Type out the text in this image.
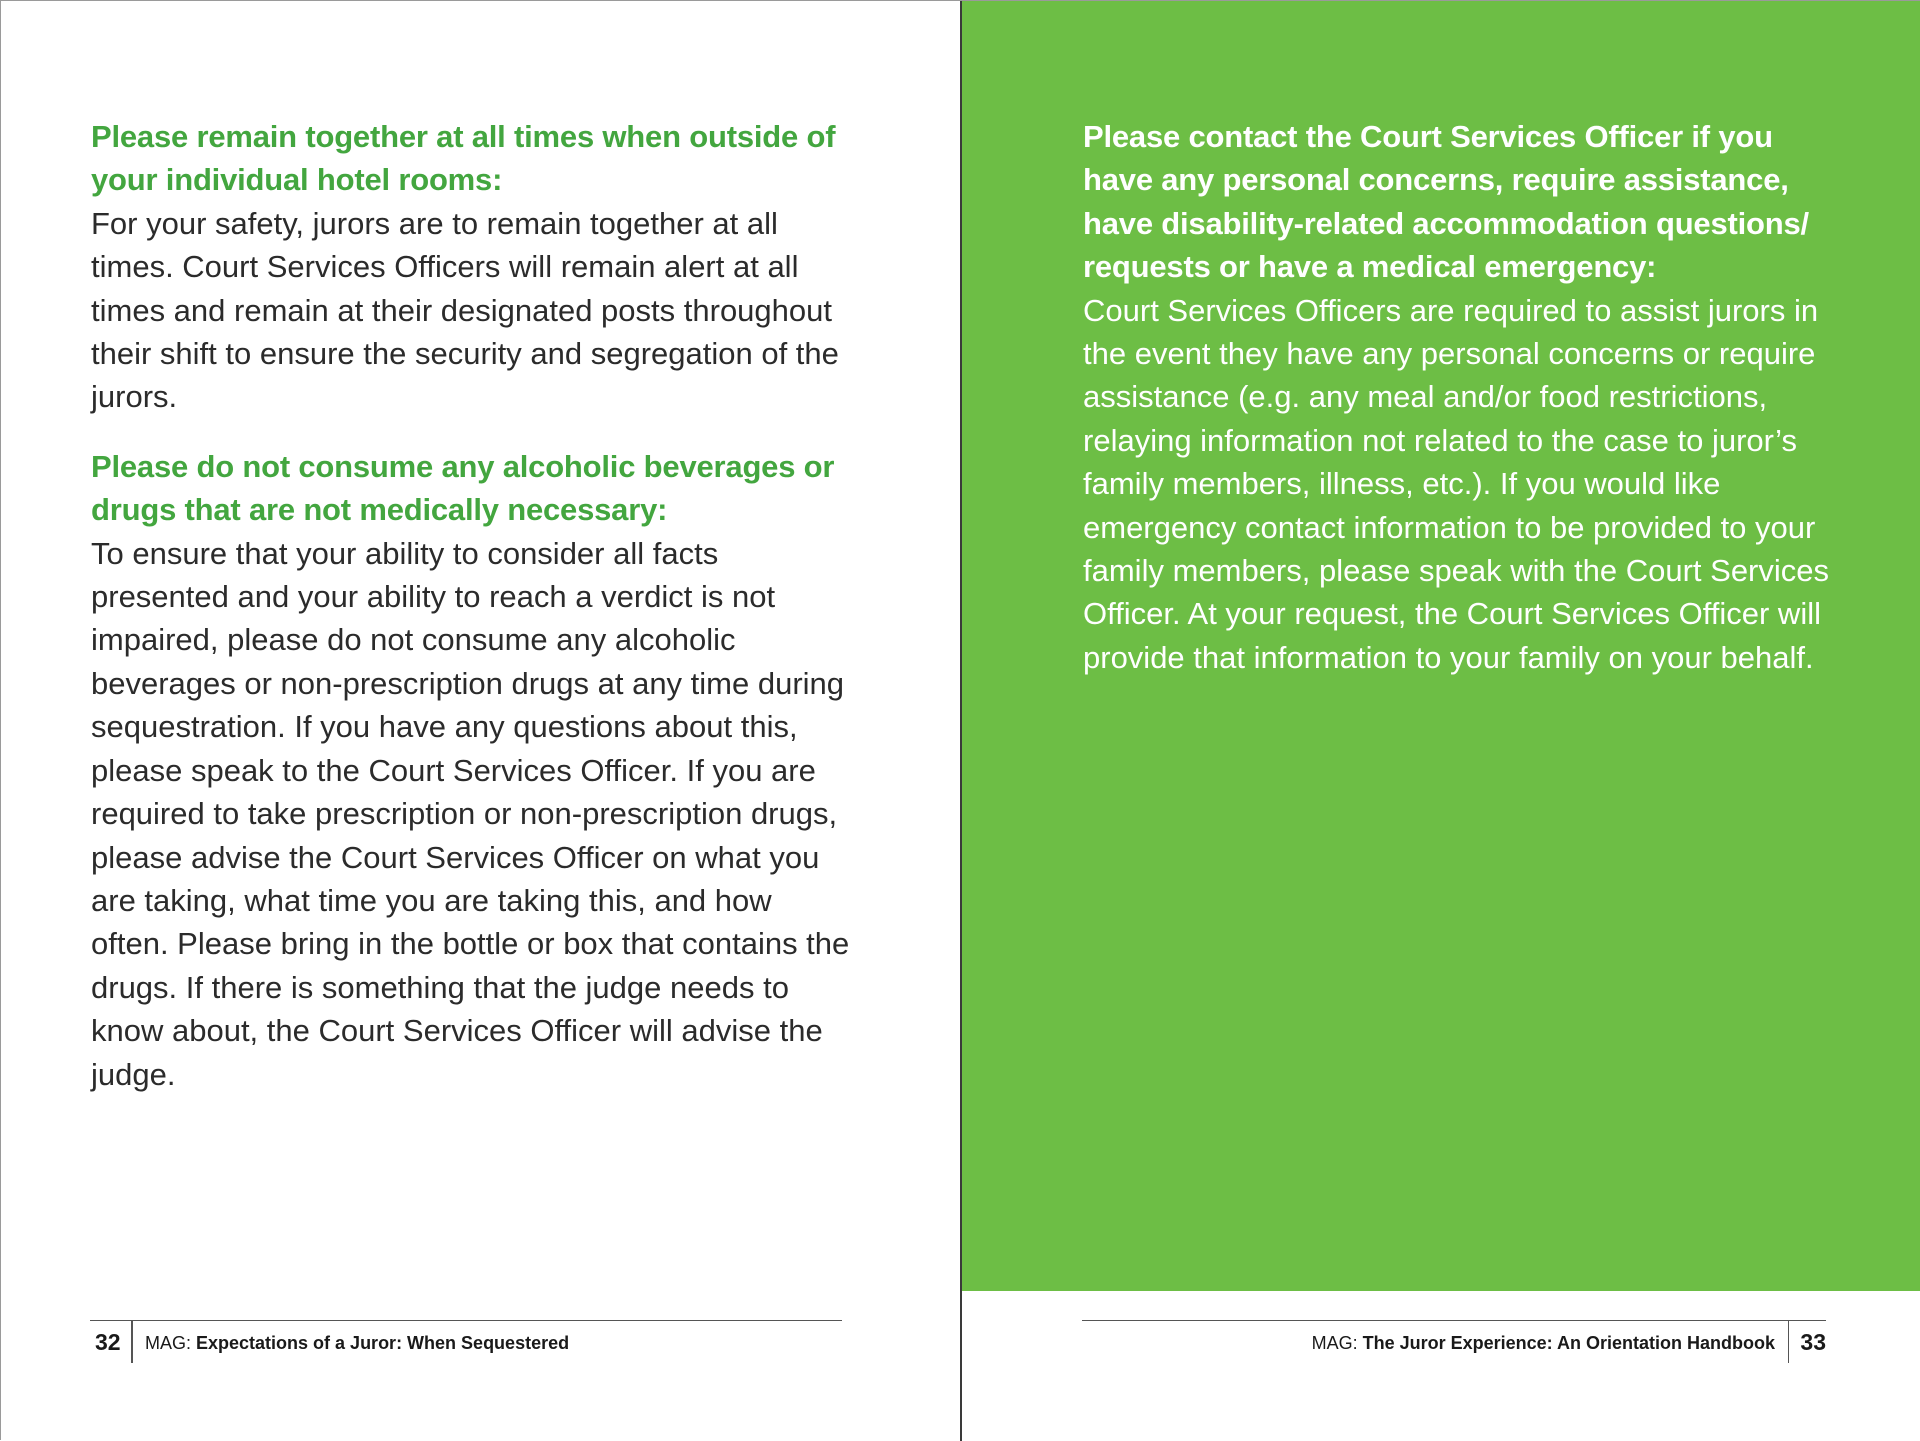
Please remain together at all times when outside of your individual hotel rooms:

For your safety, jurors are to remain together at all times. Court Services Officers will remain alert at all times and remain at their designated posts throughout their shift to ensure the security and segregation of the jurors.

Please do not consume any alcoholic beverages or drugs that are not medically necessary:

To ensure that your ability to consider all facts presented and your ability to reach a verdict is not impaired, please do not consume any alcoholic beverages or non-prescription drugs at any time during sequestration. If you have any questions about this, please speak to the Court Services Officer. If you are required to take prescription or non-prescription drugs, please advise the Court Services Officer on what you are taking, what time you are taking this, and how often. Please bring in the bottle or box that contains the drugs. If there is something that the judge needs to know about, the Court Services Officer will advise the judge.

32 MAG: Expectations of a Juror: When Sequestered

Please contact the Court Services Officer if you have any personal concerns, require assistance, have disability-related accommodation questions/ requests or have a medical emergency:

Court Services Officers are required to assist jurors in the event they have any personal concerns or require assistance (e.g. any meal and/or food restrictions, relaying information not related to the case to juror’s family members, illness, etc.). If you would like emergency contact information to be provided to your family members, please speak with the Court Services Officer. At your request, the Court Services Officer will provide that information to your family on your behalf.

MAG: The Juror Experience: An Orientation Handbook 33
